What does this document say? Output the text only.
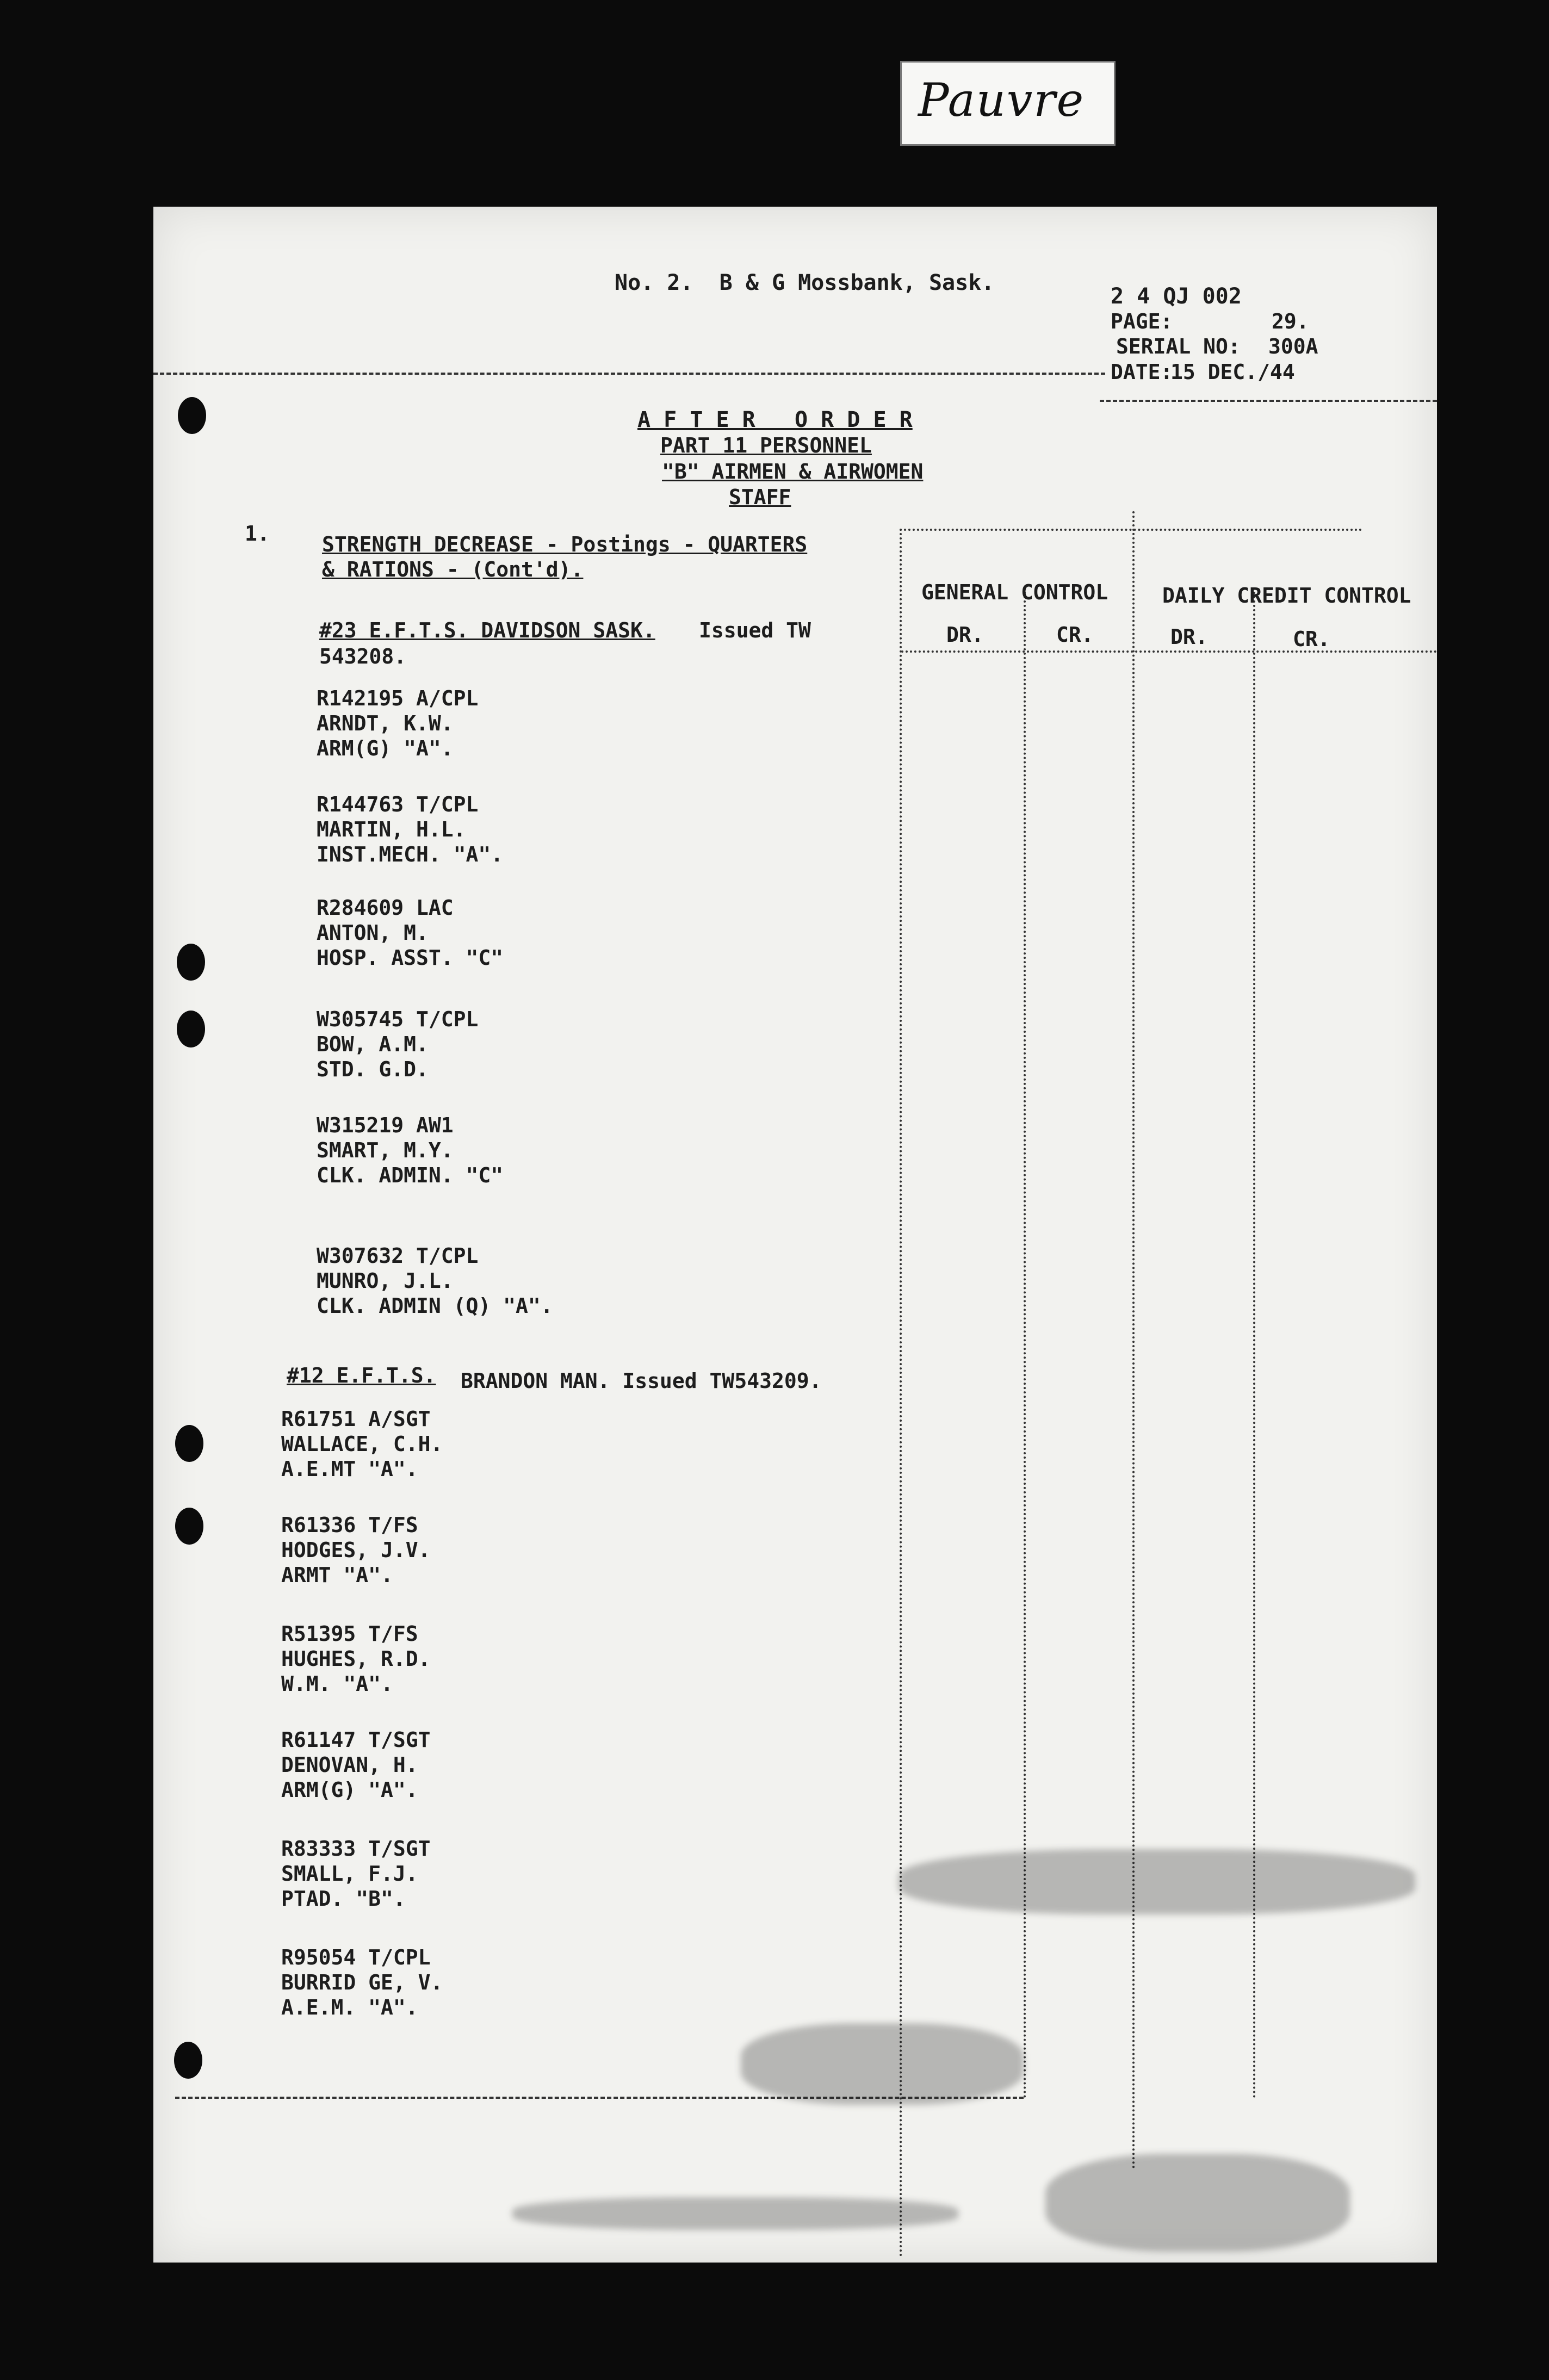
Pauvre
No. 2.  B & G Mossbank, Sask.
2 4 QJ 002
PAGE:	29.
SERIAL NO: 300A
DATE:
15 DEC./44
A F T E R   O R D E R
PART 11 PERSONNEL
"B" AIRMEN & AIRWOMEN
STAFF
1.	STRENGTH DECREASE - Postings - QUARTERS
& RATIONS - (Cont'd).
GENERAL CONTROL	DAILY CREDIT CONTROL
DR.	CR.	DR.	CR.
#23 E.F.T.S. DAVIDSON SASK. Issued TW
543208.
R142195 A/CPL
ARNDT, K.W.
ARM(G) "A".
R144763 T/CPL
MARTIN, H.L.
INST.MECH. "A".
R284609 LAC
ANTON, M.
HOSP. ASST. "C"
W305745 T/CPL
BOW, A.M.
STD. G.D.
W315219 AW1
SMART, M.Y.
CLK. ADMIN. "C"
W307632 T/CPL
MUNRO, J.L.
CLK. ADMIN (Q) "A".
#12 E.F.T.S. BRANDON MAN. Issued TW543209.
R61751 A/SGT
WALLACE, C.H.
A.E.MT "A".
R61336 T/FS
HODGES, J.V.
ARMT "A".
R51395 T/FS
HUGHES, R.D.
W.M. "A".
R61147 T/SGT
DENOVAN, H.
ARM(G) "A".
R83333 T/SGT
SMALL, F.J.
PTAD. "B".
R95054 T/CPL
BURRID GE, V.
A.E.M. "A".
